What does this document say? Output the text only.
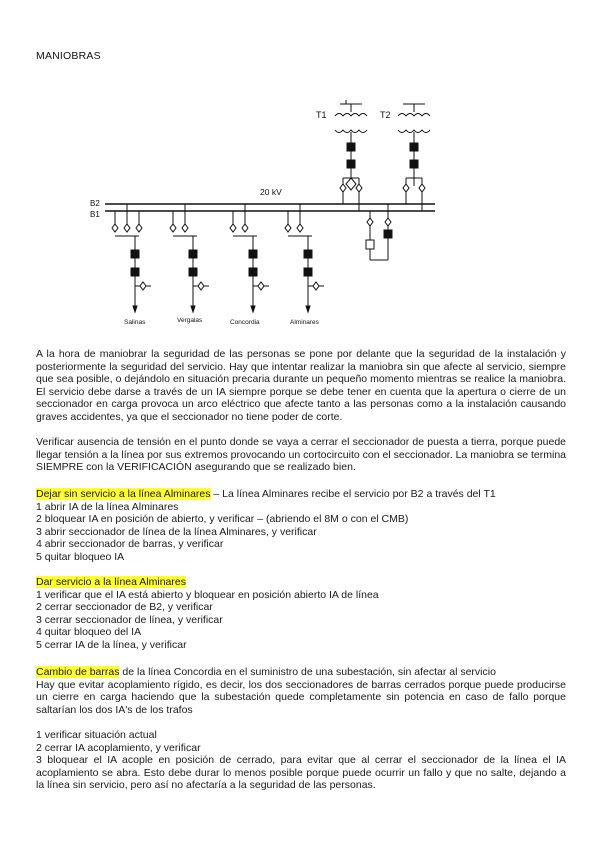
MANIOBRAS
T1	T2
20 kV
B2
B1
Salinas	Vergalas	Concordia	Alminares
A la hora de maniobrar la seguridad de las personas se pone por delante que la seguridad de la instalación y posteriormente la seguridad del servicio. Hay que intentar realizar la maniobra sin que afecte al servicio, siempre que sea posible, o dejándolo en situación precaria durante un pequeño momento mientras se realice la maniobra. El servicio debe darse a través de un IA siempre porque se debe tener en cuenta que la apertura o cierre de un seccionador en carga provoca un arco eléctrico que afecte tanto a las personas como a la instalación causando graves accidentes, ya que el seccionador no tiene poder de corte.
Verificar ausencia de tensión en el punto donde se vaya a cerrar el seccionador de puesta a tierra, porque puede llegar tensión a la línea por sus extremos provocando un cortocircuito con el seccionador. La maniobra se termina SIEMPRE con la VERIFICACIÓN asegurando que se realizado bien.
Dejar sin servicio a la línea Alminares – La línea Alminares recibe el servicio por B2 a través del T1
1 abrir IA de la línea Alminares
2 bloquear IA en posición de abierto, y verificar – (abriendo el 8M o con el CMB)
3 abrir seccionador de línea de la línea Alminares, y verificar
4 abrir seccionador de barras, y verificar
5 quitar bloqueo IA
Dar servicio a la línea Alminares
1 verificar que el IA está abierto y bloquear en posición abierto IA de línea
2 cerrar seccionador de B2, y verificar
3 cerrar seccionador de línea, y verificar
4 quitar bloqueo del IA
5 cerrar IA de la línea, y verificar
Cambio de barras de la línea Concordia en el suministro de una subestación, sin afectar al servicio
Hay que evitar acoplamiento rígido, es decir, los dos seccionadores de barras cerrados porque puede producirse un cierre en carga haciendo que la subestación quede completamente sin potencia en caso de fallo porque saltarían los dos IA's de los trafos
1 verificar situación actual
2 cerrar IA acoplamiento, y verificar
3 bloquear el IA acople en posición de cerrado, para evitar que al cerrar el seccionador de la línea el IA acoplamiento se abra. Esto debe durar lo menos posible porque puede ocurrir un fallo y que no salte, dejando a la línea sin servicio, pero así no afectaría a la seguridad de las personas.
